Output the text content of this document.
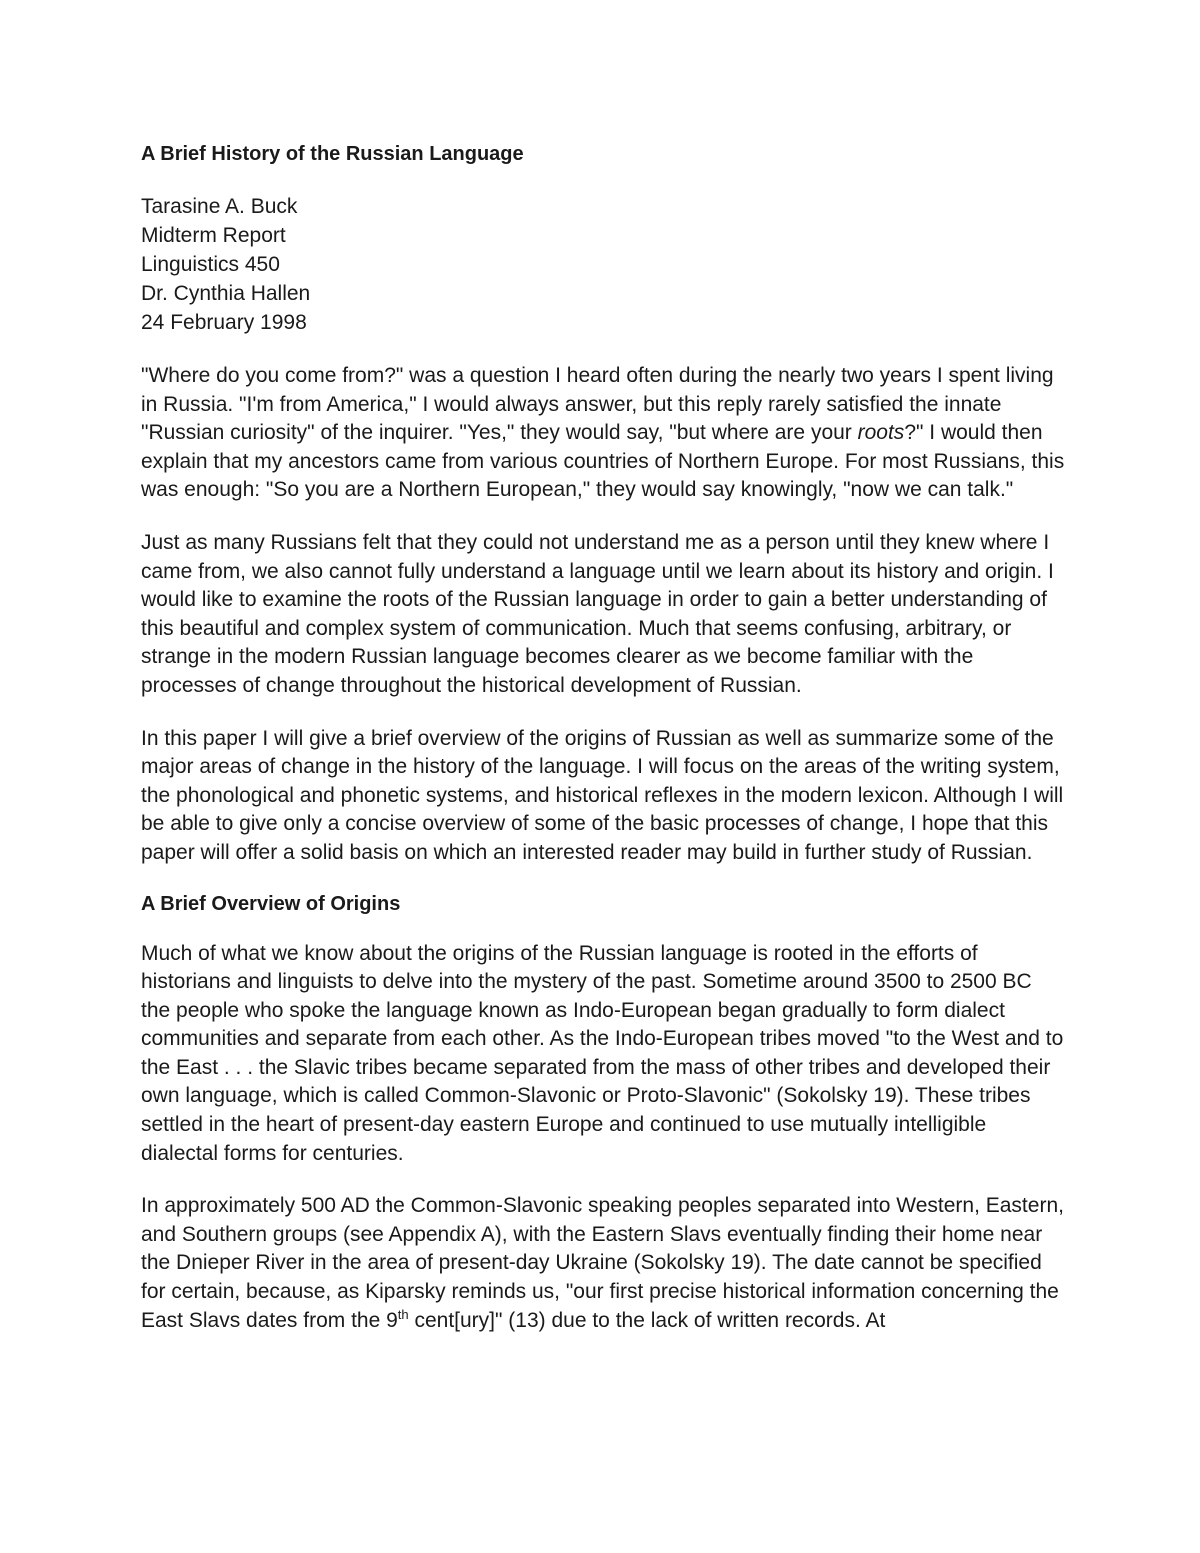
A Brief History of the Russian Language
Tarasine A. Buck
Midterm Report
Linguistics 450
Dr. Cynthia Hallen
24 February 1998

"Where do you come from?" was a question I heard often during the nearly two years I spent living in Russia. "I'm from America," I would always answer, but this reply rarely satisfied the innate "Russian curiosity" of the inquirer. "Yes," they would say, "but where are your roots?" I would then explain that my ancestors came from various countries of Northern Europe. For most Russians, this was enough: "So you are a Northern European," they would say knowingly, "now we can talk."

Just as many Russians felt that they could not understand me as a person until they knew where I came from, we also cannot fully understand a language until we learn about its history and origin. I would like to examine the roots of the Russian language in order to gain a better understanding of this beautiful and complex system of communication. Much that seems confusing, arbitrary, or strange in the modern Russian language becomes clearer as we become familiar with the processes of change throughout the historical development of Russian.

In this paper I will give a brief overview of the origins of Russian as well as summarize some of the major areas of change in the history of the language. I will focus on the areas of the writing system, the phonological and phonetic systems, and historical reflexes in the modern lexicon. Although I will be able to give only a concise overview of some of the basic processes of change, I hope that this paper will offer a solid basis on which an interested reader may build in further study of Russian.

A Brief Overview of Origins

Much of what we know about the origins of the Russian language is rooted in the efforts of historians and linguists to delve into the mystery of the past. Sometime around 3500 to 2500 BC the people who spoke the language known as Indo-European began gradually to form dialect communities and separate from each other. As the Indo-European tribes moved "to the West and to the East . . . the Slavic tribes became separated from the mass of other tribes and developed their own language, which is called Common-Slavonic or Proto-Slavonic" (Sokolsky 19). These tribes settled in the heart of present-day eastern Europe and continued to use mutually intelligible dialectal forms for centuries.

In approximately 500 AD the Common-Slavonic speaking peoples separated into Western, Eastern, and Southern groups (see Appendix A), with the Eastern Slavs eventually finding their home near the Dnieper River in the area of present-day Ukraine (Sokolsky 19). The date cannot be specified for certain, because, as Kiparsky reminds us, "our first precise historical information concerning the East Slavs dates from the 9th cent[ury]" (13) due to the lack of written records. At
